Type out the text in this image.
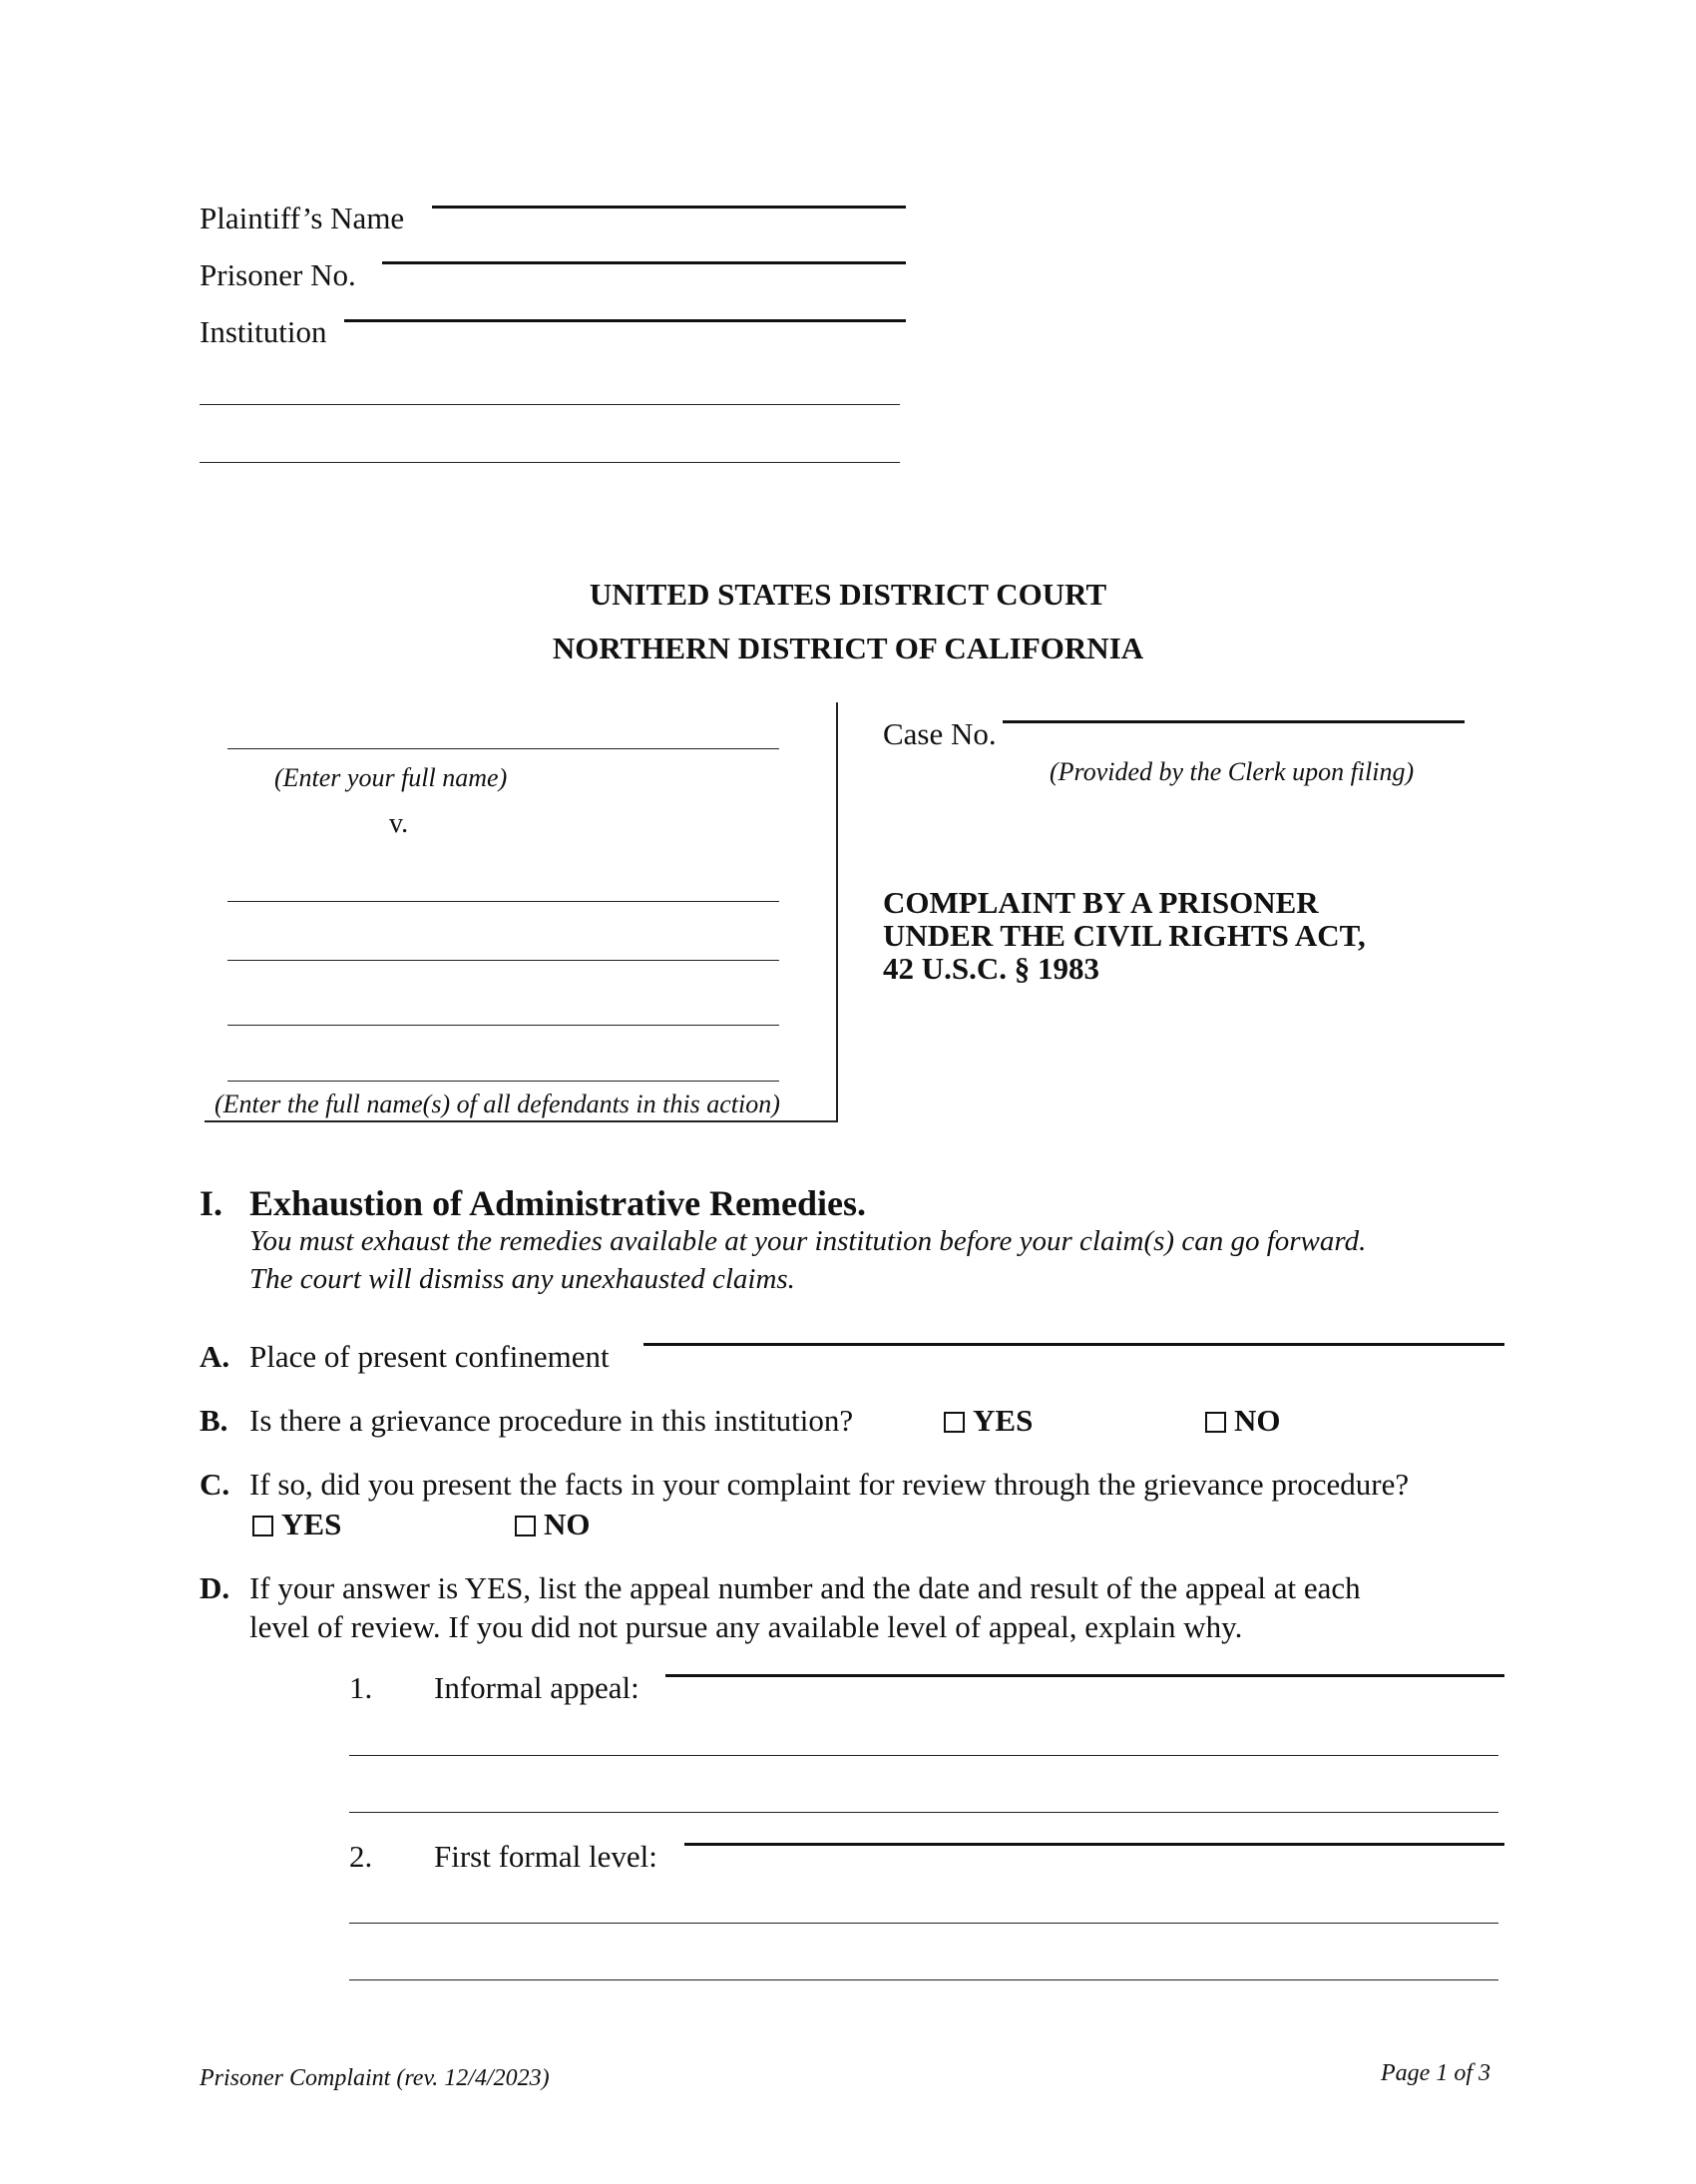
Plaintiff’s Name
Prisoner No.
Institution
UNITED STATES DISTRICT COURT
NORTHERN DISTRICT OF CALIFORNIA
(Enter your full name)
v.
(Enter the full name(s) of all defendants in this action)
Case No.
(Provided by the Clerk upon filing)
COMPLAINT BY A PRISONER
UNDER THE CIVIL RIGHTS ACT,
42 U.S.C. § 1983
I. Exhaustion of Administrative Remedies.
You must exhaust the remedies available at your institution before your claim(s) can go forward.
The court will dismiss any unexhausted claims.
A. Place of present confinement
B. Is there a grievance procedure in this institution?	YES	NO
C. If so, did you present the facts in your complaint for review through the grievance procedure?
YES	NO
D. If your answer is YES, list the appeal number and the date and result of the appeal at each
level of review. If you did not pursue any available level of appeal, explain why.
1. Informal appeal:
2. First formal level:
Prisoner Complaint (rev. 12/4/2023)	Page 1 of 3
